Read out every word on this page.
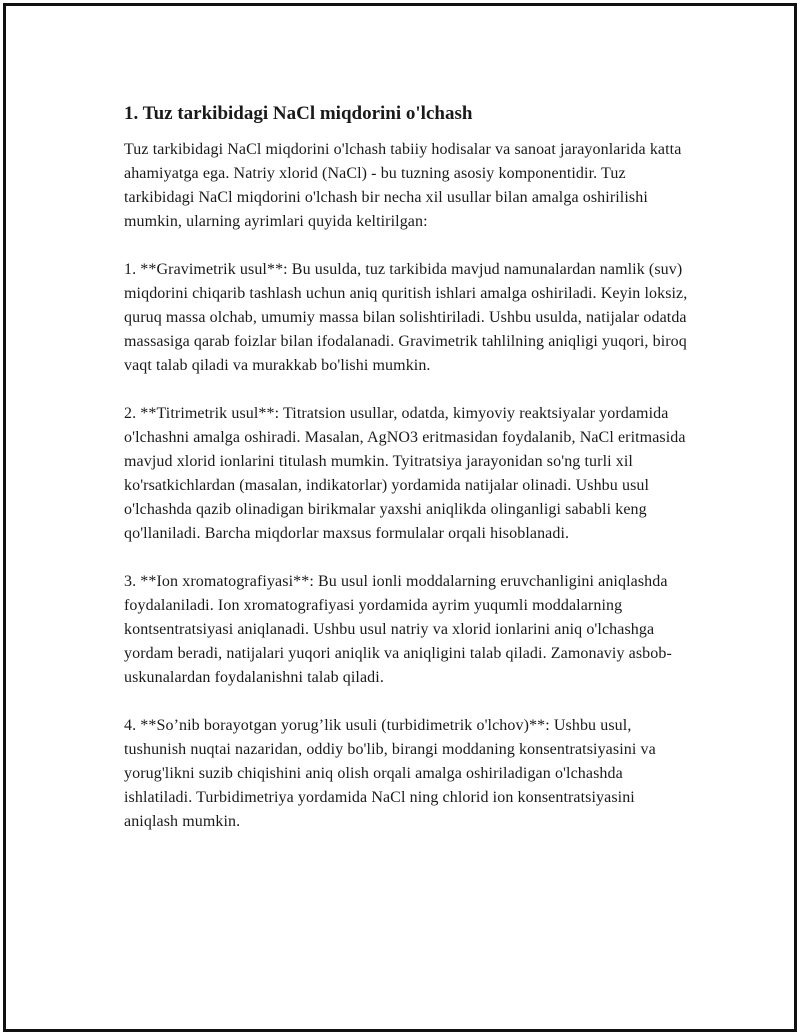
1. Tuz tarkibidagi NaCl miqdorini o'lchash

Tuz tarkibidagi NaCl miqdorini o'lchash tabiiy hodisalar va sanoat jarayonlarida katta ahamiyatga ega. Natriy xlorid (NaCl) - bu tuzning asosiy komponentidir. Tuz tarkibidagi NaCl miqdorini o'lchash bir necha xil usullar bilan amalga oshirilishi mumkin, ularning ayrimlari quyida keltirilgan:

1. **Gravimetrik usul**: Bu usulda, tuz tarkibida mavjud namunalardan namlik (suv) miqdorini chiqarib tashlash uchun aniq quritish ishlari amalga oshiriladi. Keyin loksiz, quruq massa olchab, umumiy massa bilan solishtiriladi. Ushbu usulda, natijalar odatda massasiga qarab foizlar bilan ifodalanadi. Gravimetrik tahlilning aniqligi yuqori, biroq vaqt talab qiladi va murakkab bo'lishi mumkin.

2. **Titrimetrik usul**: Titratsion usullar, odatda, kimyoviy reaktsiyalar yordamida o'lchashni amalga oshiradi. Masalan, AgNO3 eritmasidan foydalanib, NaCl eritmasida mavjud xlorid ionlarini titulash mumkin. Tyitratsiya jarayonidan so'ng turli xil ko'rsatkichlardan (masalan, indikatorlar) yordamida natijalar olinadi. Ushbu usul o'lchashda qazib olinadigan birikmalar yaxshi aniqlikda olinganligi sababli keng qo'llaniladi. Barcha miqdorlar maxsus formulalar orqali hisoblanadi.

3. **Ion xromatografiyasi**: Bu usul ionli moddalarning eruvchanligini aniqlashda foydalaniladi. Ion xromatografiyasi yordamida ayrim yuqumli moddalarning kontsentratsiyasi aniqlanadi. Ushbu usul natriy va xlorid ionlarini aniq o'lchashga yordam beradi, natijalari yuqori aniqlik va aniqligini talab qiladi. Zamonaviy asbob-uskunalardan foydalanishni talab qiladi.

4. **So’nib borayotgan yorug’lik usuli (turbidimetrik o'lchov)**: Ushbu usul, tushunish nuqtai nazaridan, oddiy bo'lib, birangi moddaning konsentratsiyasini va yorug'likni suzib chiqishini aniq olish orqali amalga oshiriladigan o'lchashda ishlatiladi. Turbidimetriya yordamida NaCl ning chlorid ion konsentratsiyasini aniqlash mumkin.
